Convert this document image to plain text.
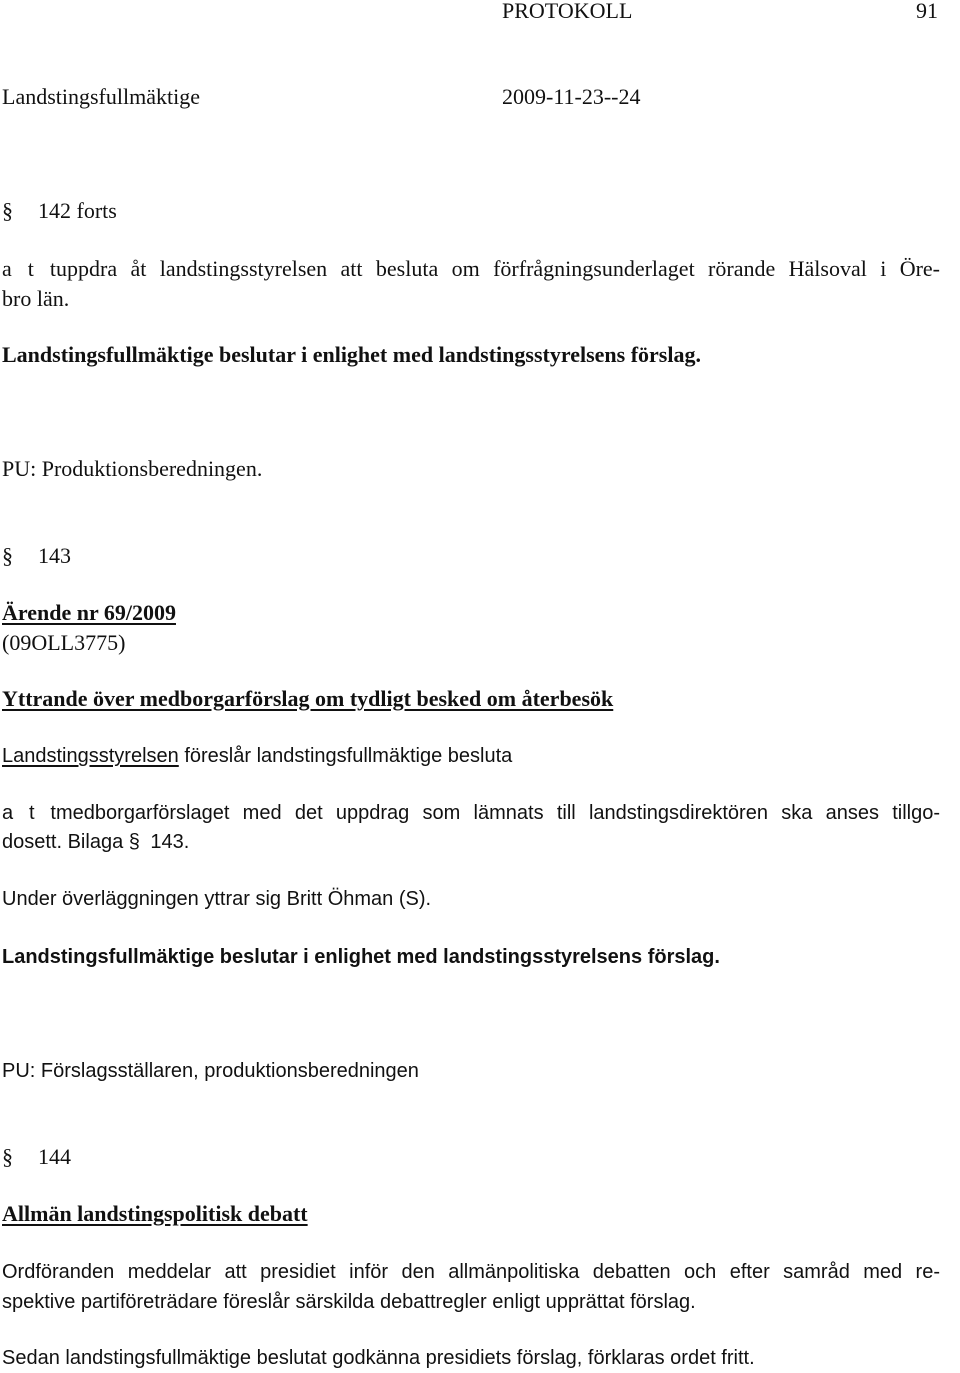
PROTOKOLL	91
Landstingsfullmäktige	2009-11-23--24
§ 142 forts
a t tuppdra åt landstingsstyrelsen att besluta om förfrågningsunderlaget rörande Hälsoval i Öre-
bro län.
Landstingsfullmäktige beslutar i enlighet med landstingsstyrelsens förslag.
PU: Produktionsberedningen.
§ 143
Ärende nr 69/2009
(09OLL3775)
Yttrande över medborgarförslag om tydligt besked om återbesök
Landstingsstyrelsen föreslår landstingsfullmäktige besluta
a t tmedborgarförslaget med det uppdrag som lämnats till landstingsdirektören ska anses tillgo-
dosett. Bilaga § 143.
Under överläggningen yttrar sig Britt Öhman (S).
Landstingsfullmäktige beslutar i enlighet med landstingsstyrelsens förslag.
PU: Förslagsställaren, produktionsberedningen
§ 144
Allmän landstingspolitisk debatt
Ordföranden meddelar att presidiet inför den allmänpolitiska debatten och efter samråd med re-
spektive partiföreträdare föreslår särskilda debattregler enligt upprättat förslag.
Sedan landstingsfullmäktige beslutat godkänna presidiets förslag, förklaras ordet fritt.
